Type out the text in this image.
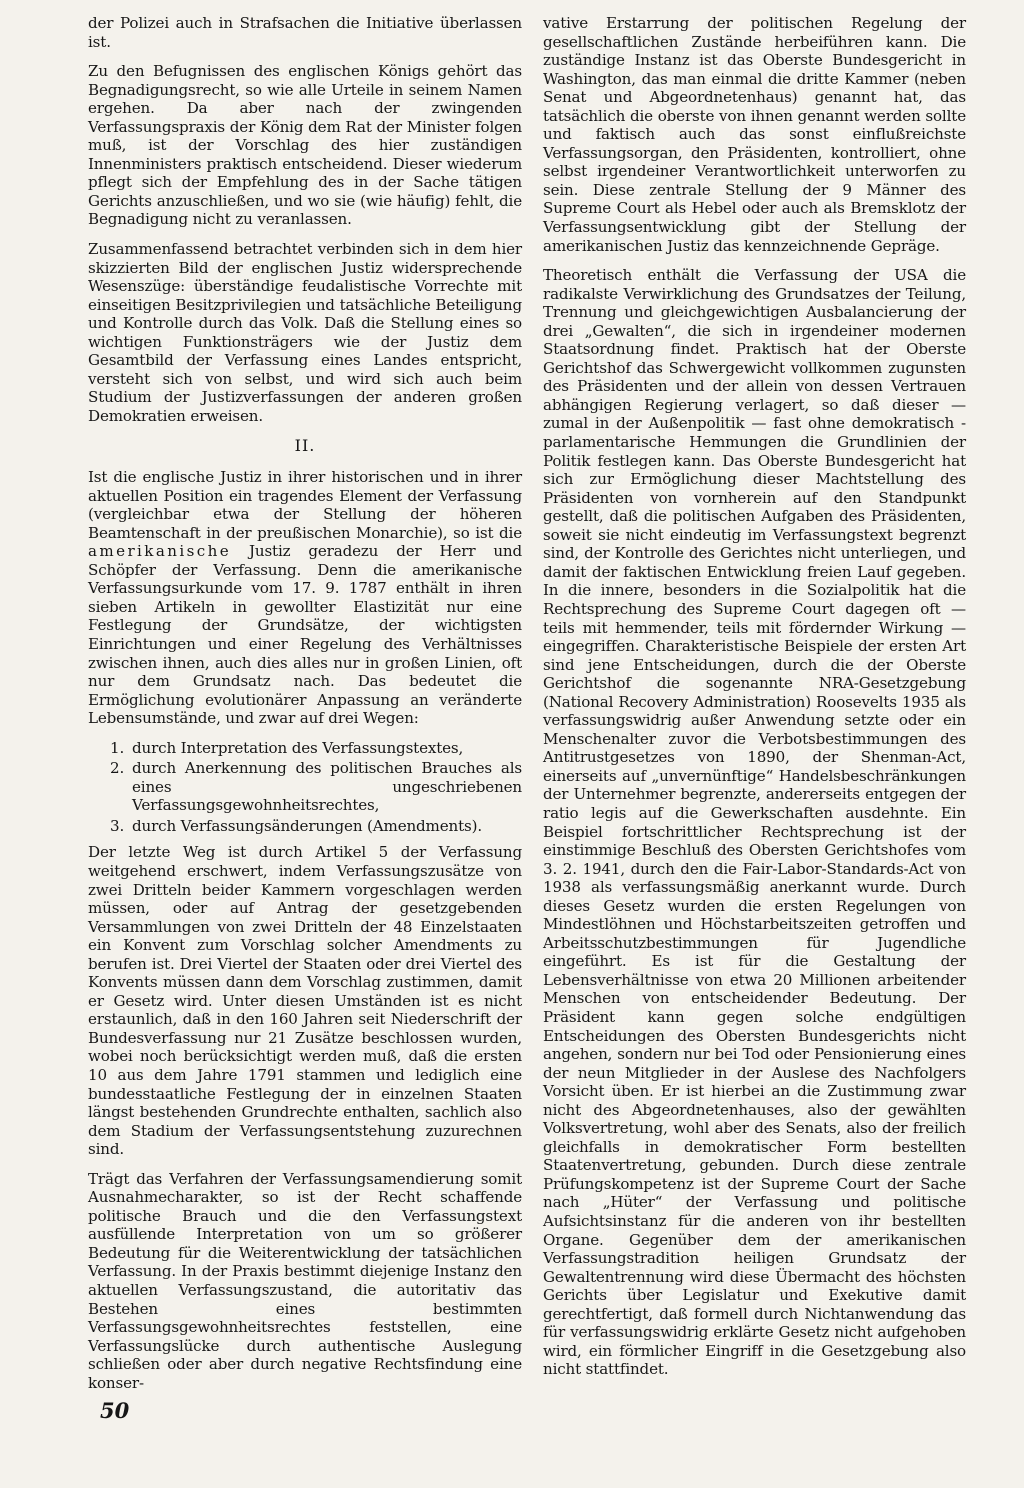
der Polizei auch in Strafsachen die Initiative überlassen ist.

Zu den Befugnissen des englischen Königs gehört das Begnadigungsrecht, so wie alle Urteile in seinem Namen ergehen. Da aber nach der zwingenden Verfassungspraxis der König dem Rat der Minister folgen muß, ist der Vorschlag des hier zuständigen Innenministers praktisch entscheidend. Dieser wiederum pflegt sich der Empfehlung des in der Sache tätigen Gerichts anzuschließen, und wo sie (wie häufig) fehlt, die Begnadigung nicht zu veranlassen.

Zusammenfassend betrachtet verbinden sich in dem hier skizzierten Bild der englischen Justiz widersprechende Wesenszüge: überständige feudalistische Vorrechte mit einseitigen Besitzprivilegien und tatsächliche Beteiligung und Kontrolle durch das Volk. Daß die Stellung eines so wichtigen Funktionsträgers wie der Justiz dem Gesamtbild der Verfassung eines Landes entspricht, versteht sich von selbst, und wird sich auch beim Studium der Justizverfassungen der anderen großen Demokratien erweisen.

II.

Ist die englische Justiz in ihrer historischen und in ihrer aktuellen Position ein tragendes Element der Verfassung (vergleichbar etwa der Stellung der höheren Beamtenschaft in der preußischen Monarchie), so ist die amerikanische Justiz geradezu der Herr und Schöpfer der Verfassung. Denn die amerikanische Verfassungsurkunde vom 17. 9. 1787 enthält in ihren sieben Artikeln in gewollter Elastizität nur eine Festlegung der Grundsätze, der wichtigsten Einrichtungen und einer Regelung des Verhältnisses zwischen ihnen, auch dies alles nur in großen Linien, oft nur dem Grundsatz nach. Das bedeutet die Ermöglichung evolutionärer Anpassung an veränderte Lebensumstände, und zwar auf drei Wegen:

1. durch Interpretation des Verfassungstextes,
2. durch Anerkennung des politischen Brauches als eines ungeschriebenen Verfassungsgewohnheitsrechtes,
3. durch Verfassungsänderungen (Amendments).

Der letzte Weg ist durch Artikel 5 der Verfassung weitgehend erschwert, indem Verfassungszusätze von zwei Dritteln beider Kammern vorgeschlagen werden müssen, oder auf Antrag der gesetzgebenden Versammlungen von zwei Dritteln der 48 Einzelstaaten ein Konvent zum Vorschlag solcher Amendments zu berufen ist. Drei Viertel der Staaten oder drei Viertel des Konvents müssen dann dem Vorschlag zustimmen, damit er Gesetz wird. Unter diesen Umständen ist es nicht erstaunlich, daß in den 160 Jahren seit Niederschrift der Bundesverfassung nur 21 Zusätze beschlossen wurden, wobei noch berücksichtigt werden muß, daß die ersten 10 aus dem Jahre 1791 stammen und lediglich eine bundesstaatliche Festlegung der in einzelnen Staaten längst bestehenden Grundrechte enthalten, sachlich also dem Stadium der Verfassungsentstehung zuzurechnen sind.

Trägt das Verfahren der Verfassungsamendierung somit Ausnahmecharakter, so ist der Recht schaffende politische Brauch und die den Verfassungstext ausfüllende Interpretation von um so größerer Bedeutung für die Weiterentwicklung der tatsächlichen Verfassung. In der Praxis bestimmt diejenige Instanz den aktuellen Verfassungszustand, die autoritativ das Bestehen eines bestimmten Verfassungsgewohnheitsrechtes feststellen, eine Verfassungslücke durch authentische Auslegung schließen oder aber durch negative Rechtsfindung eine konser-

vative Erstarrung der politischen Regelung der gesellschaftlichen Zustände herbeiführen kann. Die zuständige Instanz ist das Oberste Bundesgericht in Washington, das man einmal die dritte Kammer (neben Senat und Abgeordnetenhaus) genannt hat, das tatsächlich die oberste von ihnen genannt werden sollte und faktisch auch das sonst einflußreichste Verfassungsorgan, den Präsidenten, kontrolliert, ohne selbst irgendeiner Verantwortlichkeit unterworfen zu sein. Diese zentrale Stellung der 9 Männer des Supreme Court als Hebel oder auch als Bremsklotz der Verfassungsentwicklung gibt der Stellung der amerikanischen Justiz das kennzeichnende Gepräge.

Theoretisch enthält die Verfassung der USA die radikalste Verwirklichung des Grundsatzes der Teilung, Trennung und gleichgewichtigen Ausbalancierung der drei „Gewalten“, die sich in irgendeiner modernen Staatsordnung findet. Praktisch hat der Oberste Gerichtshof das Schwergewicht vollkommen zugunsten des Präsidenten und der allein von dessen Vertrauen abhängigen Regierung verlagert, so daß dieser — zumal in der Außenpolitik — fast ohne demokratisch - parlamentarische Hemmungen die Grundlinien der Politik festlegen kann. Das Oberste Bundesgericht hat sich zur Ermöglichung dieser Machtstellung des Präsidenten von vornherein auf den Standpunkt gestellt, daß die politischen Aufgaben des Präsidenten, soweit sie nicht eindeutig im Verfassungstext begrenzt sind, der Kontrolle des Gerichtes nicht unterliegen, und damit der faktischen Entwicklung freien Lauf gegeben. In die innere, besonders in die Sozialpolitik hat die Rechtsprechung des Supreme Court dagegen oft — teils mit hemmender, teils mit fördernder Wirkung — eingegriffen. Charakteristische Beispiele der ersten Art sind jene Entscheidungen, durch die der Oberste Gerichtshof die sogenannte NRA-Gesetzgebung (National Recovery Administration) Roosevelts 1935 als verfassungswidrig außer Anwendung setzte oder ein Menschenalter zuvor die Verbotsbestimmungen des Antitrustgesetzes von 1890, der Shenman-Act, einerseits auf „unvernünftige“ Handelsbeschränkungen der Unternehmer begrenzte, andererseits entgegen der ratio legis auf die Gewerkschaften ausdehnte. Ein Beispiel fortschrittlicher Rechtsprechung ist der einstimmige Beschluß des Obersten Gerichtshofes vom 3. 2. 1941, durch den die Fair-Labor-Standards-Act von 1938 als verfassungsmäßig anerkannt wurde. Durch dieses Gesetz wurden die ersten Regelungen von Mindestlöhnen und Höchstarbeitszeiten getroffen und Arbeitsschutzbestimmungen für Jugendliche eingeführt. Es ist für die Gestaltung der Lebensverhältnisse von etwa 20 Millionen arbeitender Menschen von entscheidender Bedeutung. Der Präsident kann gegen solche endgültigen Entscheidungen des Obersten Bundesgerichts nicht angehen, sondern nur bei Tod oder Pensionierung eines der neun Mitglieder in der Auslese des Nachfolgers Vorsicht üben. Er ist hierbei an die Zustimmung zwar nicht des Abgeordnetenhauses, also der gewählten Volksvertretung, wohl aber des Senats, also der freilich gleichfalls in demokratischer Form bestellten Staatenvertretung, gebunden. Durch diese zentrale Prüfungskompetenz ist der Supreme Court der Sache nach „Hüter“ der Verfassung und politische Aufsichtsinstanz für die anderen von ihr bestellten Organe. Gegenüber dem der amerikanischen Verfassungstradition heiligen Grundsatz der Gewaltentrennung wird diese Übermacht des höchsten Gerichts über Legislatur und Exekutive damit gerechtfertigt, daß formell durch Nichtanwendung das für verfassungswidrig erklärte Gesetz nicht aufgehoben wird, ein förmlicher Eingriff in die Gesetzgebung also nicht stattfindet.

50
